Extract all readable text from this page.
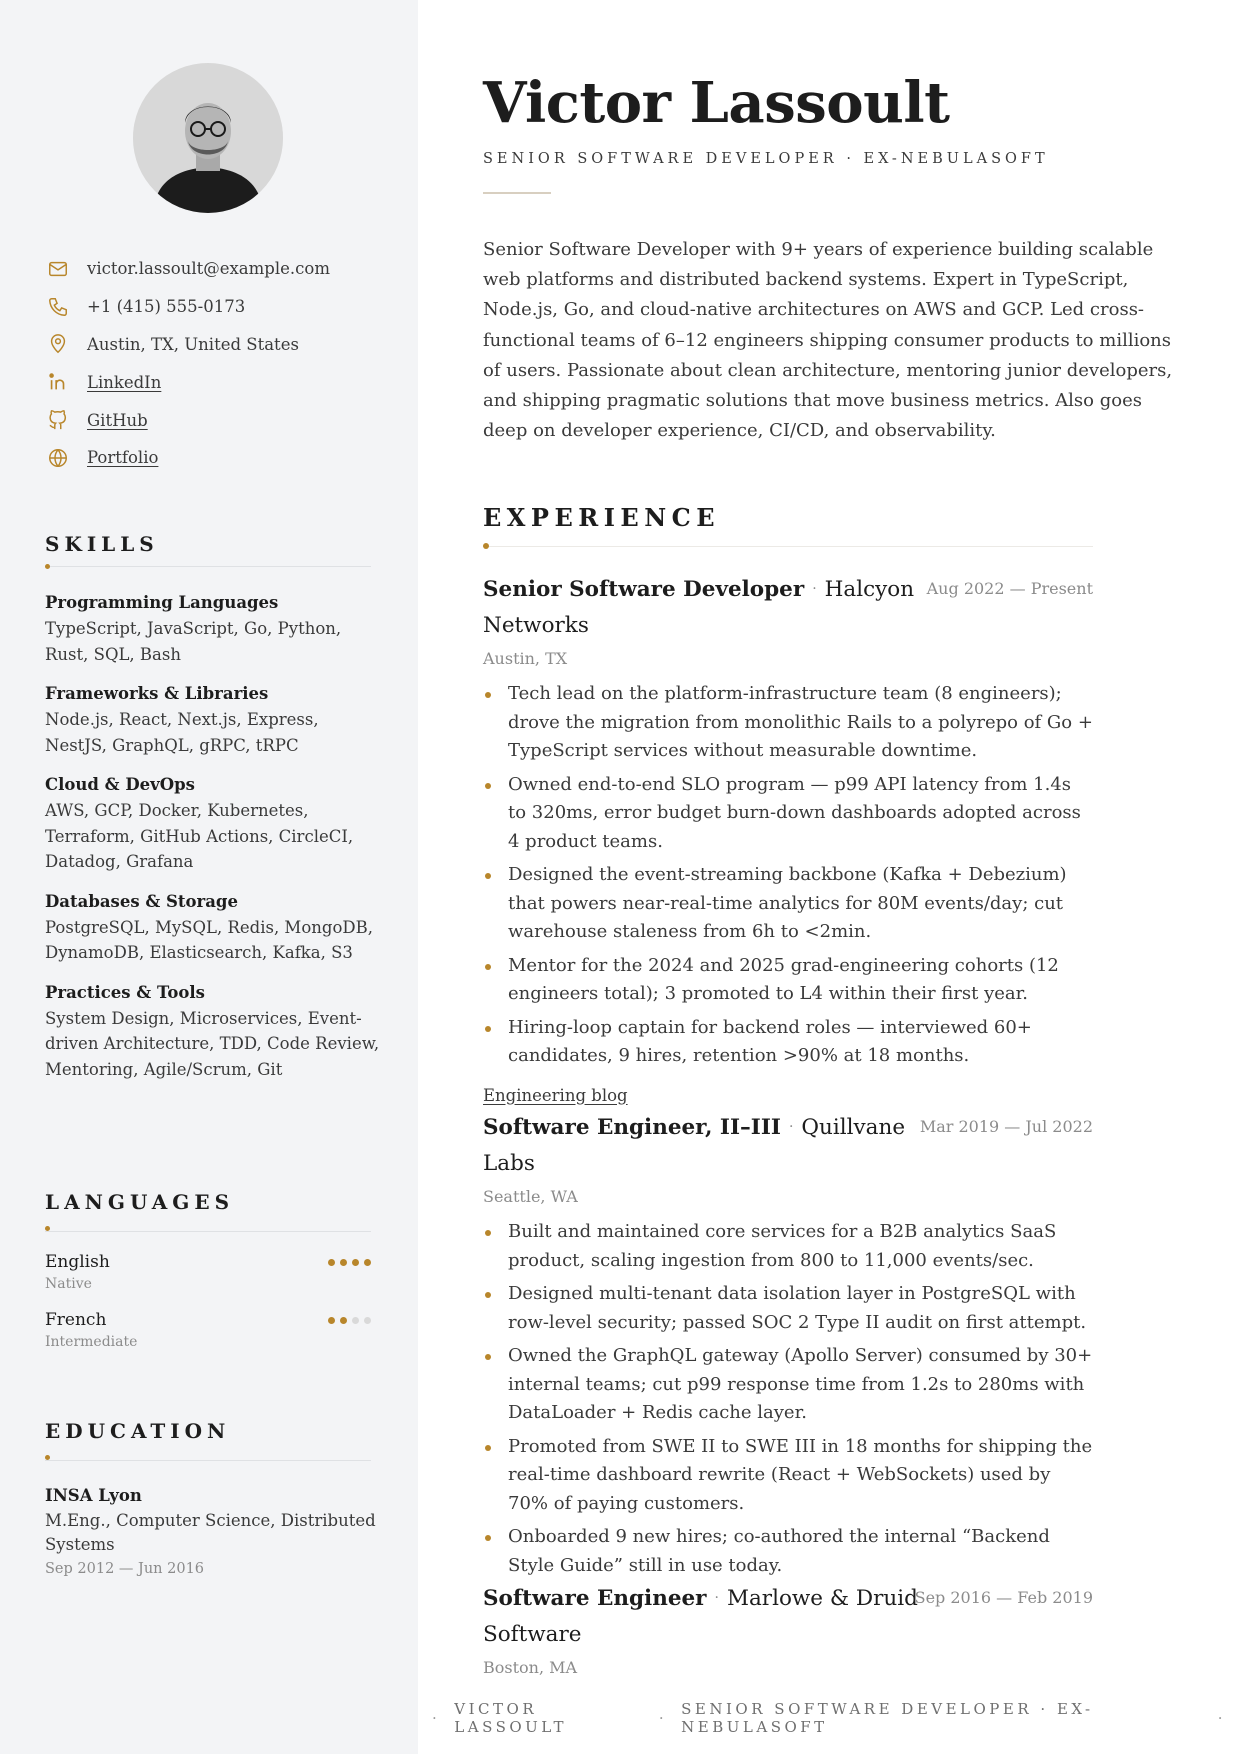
victor.lassoult@example.com
+1 (415) 555-0173
Austin, TX, United States
LinkedIn
GitHub
Portfolio
SKILLS
Programming Languages
TypeScript, JavaScript, Go, Python, Rust, SQL, Bash
Frameworks & Libraries
Node.js, React, Next.js, Express, NestJS, GraphQL, gRPC, tRPC
Cloud & DevOps
AWS, GCP, Docker, Kubernetes, Terraform, GitHub Actions, CircleCI, Datadog, Grafana
Databases & Storage
PostgreSQL, MySQL, Redis, MongoDB, DynamoDB, Elasticsearch, Kafka, S3
Practices & Tools
System Design, Microservices, Event-driven Architecture, TDD, Code Review, Mentoring, Agile/Scrum, Git
LANGUAGES
English
Native
French
Intermediate
EDUCATION
INSA Lyon
M.Eng., Computer Science, Distributed Systems
Sep 2012 — Jun 2016
Victor Lassoult
SENIOR SOFTWARE DEVELOPER · EX-NEBULASOFT

Senior Software Developer with 9+ years of experience building scalable web platforms and distributed backend systems. Expert in TypeScript, Node.js, Go, and cloud-native architectures on AWS and GCP. Led cross-functional teams of 6–12 engineers shipping consumer products to millions of users. Passionate about clean architecture, mentoring junior developers, and shipping pragmatic solutions that move business metrics. Also goes deep on developer experience, CI/CD, and observability.

EXPERIENCE
Senior Software Developer · Halcyon Networks
Aug 2022 — Present
Austin, TX
Tech lead on the platform-infrastructure team (8 engineers); drove the migration from monolithic Rails to a polyrepo of Go + TypeScript services without measurable downtime.
Owned end-to-end SLO program — p99 API latency from 1.4s to 320ms, error budget burn-down dashboards adopted across 4 product teams.
Designed the event-streaming backbone (Kafka + Debezium) that powers near-real-time analytics for 80M events/day; cut warehouse staleness from 6h to <2min.
Mentor for the 2024 and 2025 grad-engineering cohorts (12 engineers total); 3 promoted to L4 within their first year.
Hiring-loop captain for backend roles — interviewed 60+ candidates, 9 hires, retention >90% at 18 months.
Engineering blog
Software Engineer, II–III · Quillvane Labs
Mar 2019 — Jul 2022
Seattle, WA
Built and maintained core services for a B2B analytics SaaS product, scaling ingestion from 800 to 11,000 events/sec.
Designed multi-tenant data isolation layer in PostgreSQL with row-level security; passed SOC 2 Type II audit on first attempt.
Owned the GraphQL gateway (Apollo Server) consumed by 30+ internal teams; cut p99 response time from 1.2s to 280ms with DataLoader + Redis cache layer.
Promoted from SWE II to SWE III in 18 months for shipping the real-time dashboard rewrite (React + WebSockets) used by 70% of paying customers.
Onboarded 9 new hires; co-authored the internal “Backend Style Guide” still in use today.
Software Engineer · Marlowe & Druid Software
Sep 2016 — Feb 2019
Boston, MA
· VICTOR LASSOULT	· SENIOR SOFTWARE DEVELOPER · EX-NEBULASOFT	·
